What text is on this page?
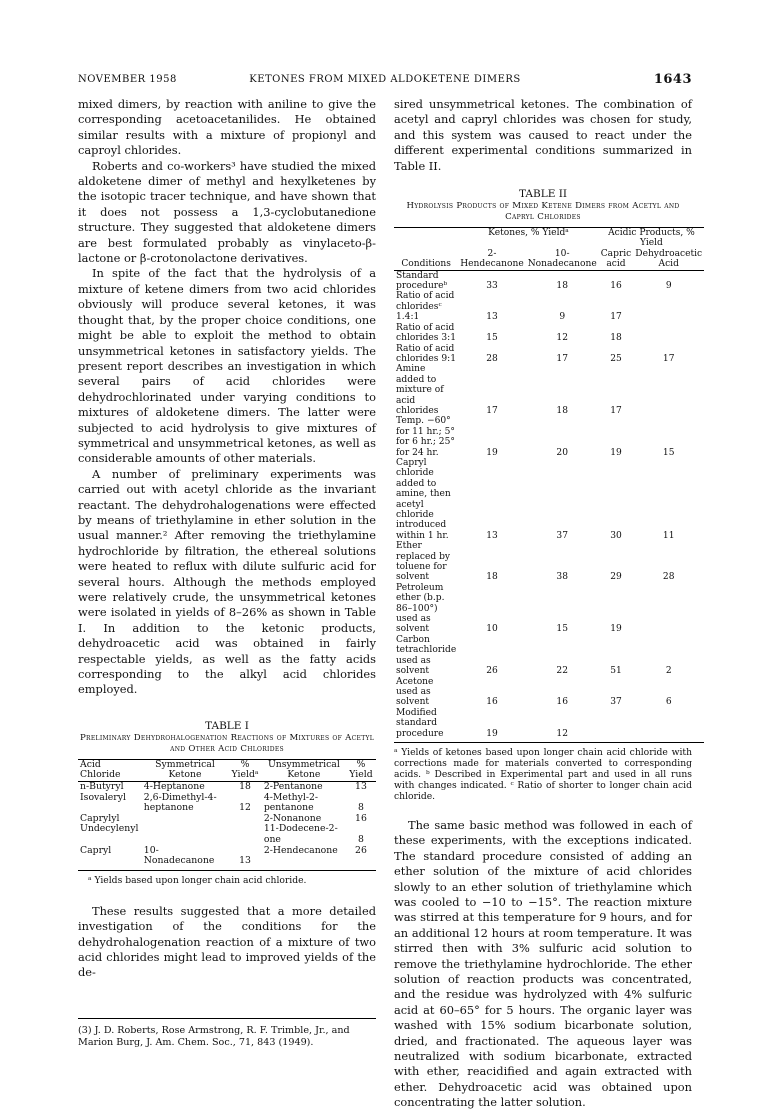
NOVEMBER 1958	KETONES FROM MIXED ALDOKETENE DIMERS	1643

mixed dimers, by reaction with aniline to give the corresponding acetoacetanilides. He obtained similar results with a mixture of propionyl and caproyl chlorides.

Roberts and co-workers³ have studied the mixed aldoketene dimer of methyl and hexylketenes by the isotopic tracer technique, and have shown that it does not possess a 1,3-cyclobutanedione structure. They suggested that aldoketene dimers are best formulated probably as vinylaceto-β-lactone or β-crotonolactone derivatives.

In spite of the fact that the hydrolysis of a mixture of ketene dimers from two acid chlorides obviously will produce several ketones, it was thought that, by the proper choice conditions, one might be able to exploit the method to obtain unsymmetrical ketones in satisfactory yields. The present report describes an investigation in which several pairs of acid chlorides were dehydrochlorinated under varying conditions to mixtures of aldoketene dimers. The latter were subjected to acid hydrolysis to give mixtures of symmetrical and unsymmetrical ketones, as well as considerable amounts of other materials.

A number of preliminary experiments was carried out with acetyl chloride as the invariant reactant. The dehydrohalogenations were effected by means of triethylamine in ether solution in the usual manner.² After removing the triethylamine hydrochloride by filtration, the ethereal solutions were heated to reflux with dilute sulfuric acid for several hours. Although the methods employed were relatively crude, the unsymmetrical ketones were isolated in yields of 8–26% as shown in Table I. In addition to the ketonic products, dehydroacetic acid was obtained in fairly respectable yields, as well as the fatty acids corresponding to the alkyl acid chlorides employed.

TABLE I
Preliminary Dehydrohalogenation Reactions of Mixtures of Acetyl and Other Acid Chlorides
Acid Chloride	Symmetrical Ketone	% Yieldᵃ	Unsymmetrical Ketone	% Yield
n-Butyryl	4-Heptanone	18	2-Pentanone	13
Isovaleryl	2,6-Dimethyl-4-heptanone	12	4-Methyl-2-pentanone	8
Caprylyl			2-Nonanone	16
Undecylenyl			11-Dodecene-2-one	8
Capryl	10-Nonadecanone	13	2-Hendecanone	26
ᵃ Yields based upon longer chain acid chloride.

These results suggested that a more detailed investigation of the conditions for the dehydrohalogenation reaction of a mixture of two acid chlorides might lead to improved yields of the de-

(3) J. D. Roberts, Rose Armstrong, R. F. Trimble, Jr., and Marion Burg, J. Am. Chem. Soc., 71, 843 (1949).

sired unsymmetrical ketones. The combination of acetyl and capryl chlorides was chosen for study, and this system was caused to react under the different experimental conditions summarized in Table II.

TABLE II
Hydrolysis Products of Mixed Ketene Dimers from Acetyl and Capryl Chlorides
	Ketones, % Yieldᵃ		Acidic Products, % Yield	
Conditions	2-Hendecanone	10-Nonadecanone	Capric acid	Dehydroacetic Acid
Standard procedureᵇ	33	18	16	9
Ratio of acid chloridesᶜ 1.4:1	13	9	17	
Ratio of acid chlorides 3:1	15	12	18	
Ratio of acid chlorides 9:1	28	17	25	17
Amine added to mixture of acid chlorides	17	18	17	
Temp. −60° for 11 hr.; 5° for 6 hr.; 25° for 24 hr.	19	20	19	15
Capryl chloride added to amine, then acetyl chloride introduced within 1 hr.	13	37	30	11
Ether replaced by toluene for solvent	18	38	29	28
Petroleum ether (b.p. 86–100°) used as solvent	10	15	19	
Carbon tetrachloride used as solvent	26	22	51	2
Acetone used as solvent	16	16	37	6
Modified standard procedure	19	12		
ᵃ Yields of ketones based upon longer chain acid chloride with corrections made for materials converted to corresponding acids. ᵇ Described in Experimental part and used in all runs with changes indicated. ᶜ Ratio of shorter to longer chain acid chloride.

The same basic method was followed in each of these experiments, with the exceptions indicated. The standard procedure consisted of adding an ether solution of the mixture of acid chlorides slowly to an ether solution of triethylamine which was cooled to −10 to −15°. The reaction mixture was stirred at this temperature for 9 hours, and for an additional 12 hours at room temperature. It was stirred then with 3% sulfuric acid solution to remove the triethylamine hydrochloride. The ether solution of reaction products was concentrated, and the residue was hydrolyzed with 4% sulfuric acid at 60–65° for 5 hours. The organic layer was washed with 15% sodium bicarbonate solution, dried, and fractionated. The aqueous layer was neutralized with sodium bicarbonate, extracted with ether, reacidified and again extracted with ether. Dehydroacetic acid was obtained upon concentrating the latter solution.
